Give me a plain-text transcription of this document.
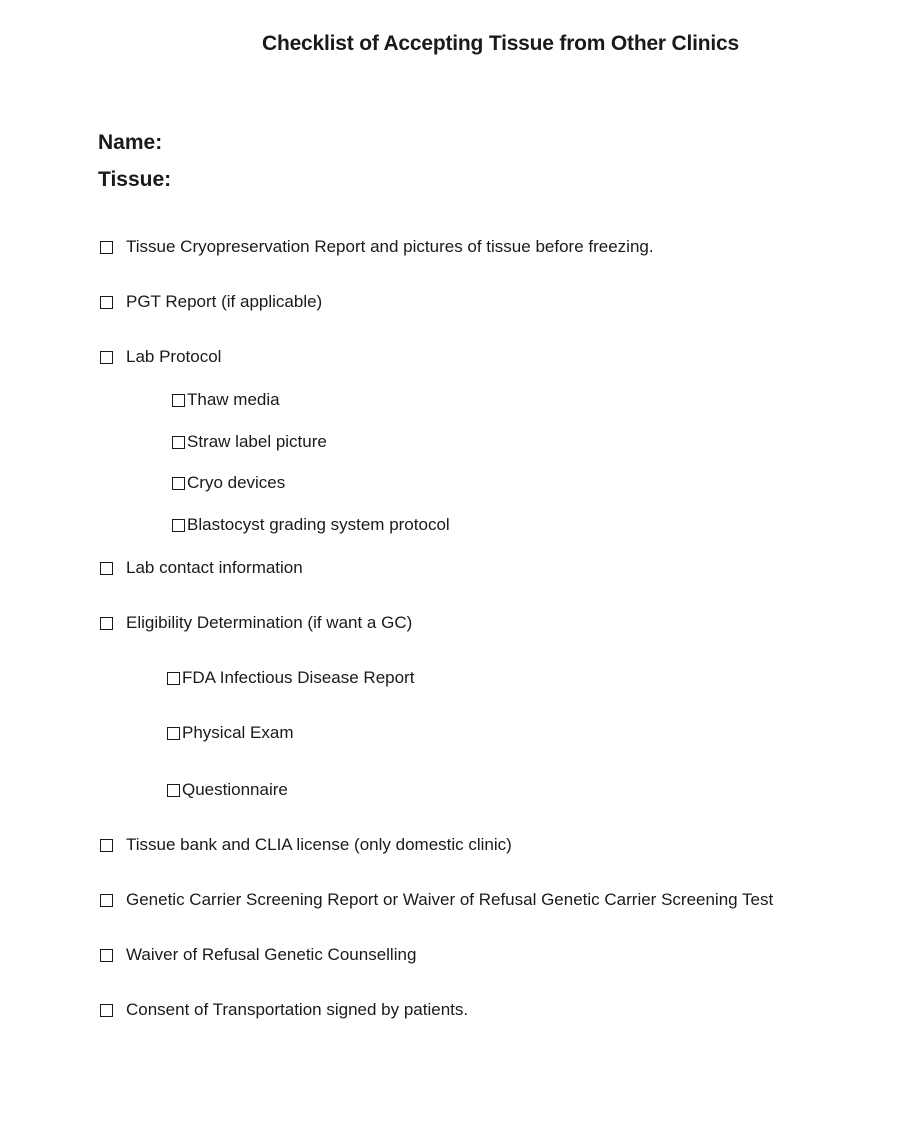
Checklist of Accepting Tissue from Other Clinics
Name:
Tissue:
Tissue Cryopreservation Report and pictures of tissue before freezing.
PGT Report (if applicable)
Lab Protocol
Thaw media
Straw label picture
Cryo devices
Blastocyst grading system protocol
Lab contact information
Eligibility Determination (if want a GC)
FDA Infectious Disease Report
Physical Exam
Questionnaire
Tissue bank and CLIA license (only domestic clinic)
Genetic Carrier Screening Report or Waiver of Refusal Genetic Carrier Screening Test
Waiver of Refusal Genetic Counselling
Consent of Transportation signed by patients.
